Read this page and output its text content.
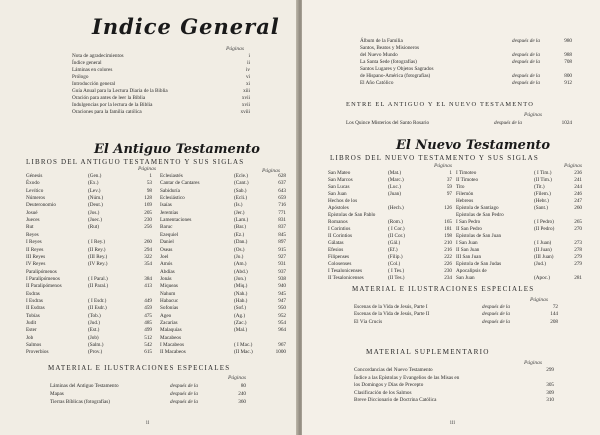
Indice General
Páginas
Nota de agradecimientos	i
Índice general	ii
Láminas en colores	iv
Prólogo	vi
Introducción general	xi
Guía Anual para la Lectura Diaria de la Biblia	xiii
Oración para antes de leer la Biblia	xvii
Indulgencias por la lectura de la Biblia	xvii
Oraciones para la familia católica	xviii
El Antiguo Testamento
LIBROS DEL ANTIGUO TESTAMENTO Y SUS SIGLAS
Páginas	Páginas
Génesis	(Gen.)	1
Éxodo	(Ex.)	53
Levítico	(Lev.)	98
Números	(Núm.)	128
Deuteronomio	(Deut.)	169
Josué	(Jos.)	205
Jueces	(Juec.)	230
Rut	(Rut)	256
Reyes
I Reyes	( I Rey.)	260
II Reyes	(II Rey.)	294
III Reyes	(III Rey.)	322
IV Reyes	(IV Rey.)	354
Paralipómenos
I Paralipómenos	( I Paral.)	384
II Paralipómenos	(II Paral.)	413
Esdras
I Esdras	( I Esdr.)	449
II Esdras	(II Esdr.)	459
Tobías	(Tob.)	475
Judit	(Jud.)	485
Ester	(Est.)	499
Job	(Job)	512
Salmos	(Salm.)	542
Proverbios	(Prov.)	615
Eclesiastés	(Ecle.)	628
Cantar de Cantares	(Cant.)	637
Sabiduría	(Sab.)	643
Eclesiástico	(Ecli.)	659
Isaías	(Is.)	716
Jeremías	(Jer.)	771
Lamentaciones	(Lam.)	831
Baruc	(Bar.)	837
Ezequiel	(Ez.)	845
Daniel	(Dan.)	897
Oseas	(Os.)	915
Joel	(Jo.)	927
Amós	(Am.)	931
Abdías	(Abd.)	937
Jonás	(Jon.)	938
Miqueas	(Miq.)	940
Nahum	(Nah.)	945
Habacuc	(Hab.)	947
Sofonías	(Sof.)	950
Ageo	(Ag.)	952
Zacarías	(Zac.)	954
Malaquías	(Mal.)	964
Macabeos
I Macabeos	( I Mac.)	967
II Macabeos	(II Mac.)	1000
MATERIAL E ILUSTRACIONES ESPECIALES
Páginas
Láminas del Antiguo Testamento	después de la	80
Mapas	después de la	240
Tierras Bíblicas (fotografías)	después de la	360
ii
Álbum de la Familia	después de la	980
Santos, Beatos y Misioneros
del Nuevo Mundo	después de la	988
La Santa Sede (fotografías)	después de la	708
Santos Lugares y Objetos Sagrados
de Hispano-América (fotografías)	después de la	800
El Año Católico	después de la	912
ENTRE EL ANTIGUO Y EL NUEVO TESTAMENTO
Páginas
Los Quince Misterios del Santo Rosario	después de la	1024
El Nuevo Testamento
LIBROS DEL NUEVO TESTAMENTO Y SUS SIGLAS
Páginas	Páginas
San Mateo	(Mat.)	1
San Marcos	(Marc.)	37
San Lucas	(Luc.)	59
San Juan	(Juan)	97
Hechos de los
Apóstoles	(Hech.)	126
Epístolas de San Pablo
Romanos	(Rom.)	165
I Corintios	( I Cor.)	181
II Corintios	(II Cor.)	198
Gálatas	(Gál.)	210
Efesios	(Ef.)	216
Filipenses	(Filip.)	222
Colosenses	(Col.)	226
I Tesalonicenses	( I Tes.)	230
II Tesalonicenses	(II Tes.)	234
I Timoteo	( I Tim.)	236
II Timoteo	(II Tim.)	241
Tito	(Tit.)	244
Filemón	(Filem.)	246
Hebreos	(Hebr.)	247
Epístola de Santiago	(Sant.)	260
Epístolas de San Pedro
I San Pedro	( I Pedro)	265
II San Pedro	(II Pedro)	270
Epístolas de San Juan
I San Juan	( I Juan)	273
II San Juan	(II Juan)	278
III San Juan	(III Juan)	279
Epístola de San Judas	(Jud.)	279
Apocalipsis de
San Juan	(Apoc.)	281
MATERIAL E ILUSTRACIONES ESPECIALES
Páginas
Escenas de la Vida de Jesús, Parte I	después de la	72
Escenas de la Vida de Jesús, Parte II	después de la	144
El Vía Crucis	después de la	208
MATERIAL SUPLEMENTARIO
Páginas
Concordancias del Nuevo Testamento	299
Índice a las Epístolas y Evangelios de las Misas en
los Domingos y Días de Precepto	305
Clasificación de los Salmos	309
Breve Diccionario de Doctrina Católica	310
iii
